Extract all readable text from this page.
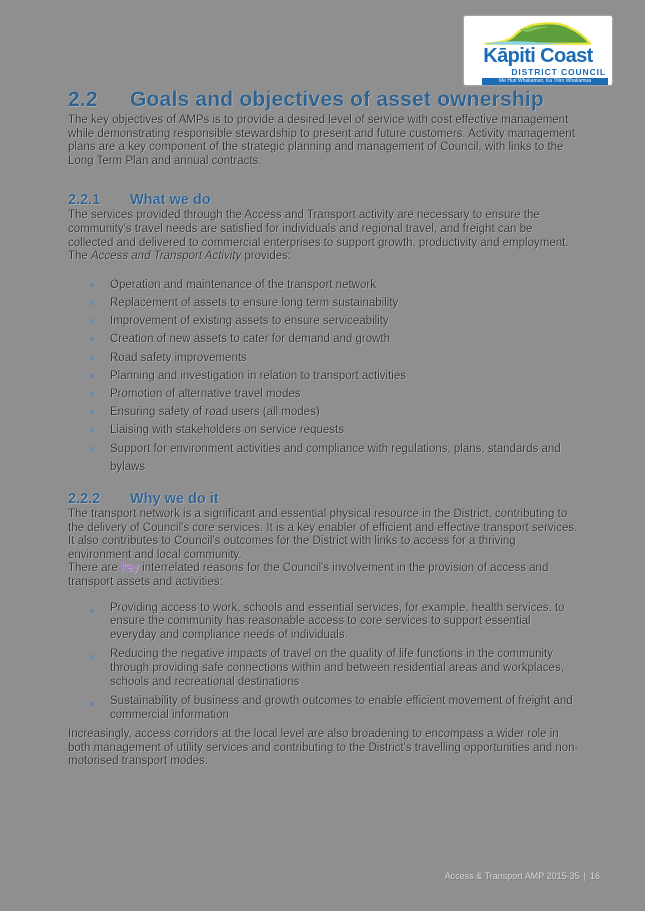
Kāpiti Coast
DISTRICT COUNCIL
Me Huri Whakamuri, Ka Titiro Whakamua
2.2	Goals and objectives of asset ownership

The key objectives of AMPs is to provide a desired level of service with cost effective management while demonstrating responsible stewardship to present and future customers. Activity management plans are a key component of the strategic planning and management of Council, with links to the Long Term Plan and annual contracts.

2.2.1	What we do

The services provided through the Access and Transport activity are necessary to ensure the community's travel needs are satisfied for individuals and regional travel, and freight can be collected and delivered to commercial enterprises to support growth, productivity and employment.

The Access and Transport Activity provides:

Operation and maintenance of the transport network
Replacement of assets to ensure long term sustainability
Improvement of existing assets to ensure serviceability
Creation of new assets to cater for demand and growth
Road safety improvements
Planning and investigation in relation to transport activities
Promotion of alternative travel modes
Ensuring safety of road users (all modes)
Liaising with stakeholders on service requests
Support for environment activities and compliance with regulations, plans, standards and bylaws
2.2.2	Why we do it

The transport network is a significant and essential physical resource in the District, contributing to the delivery of Council's core services. It is a key enabler of efficient and effective transport services. It also contributes to Council's outcomes for the District with links to access for a thriving environment and local community.

There are key interrelated reasons for the Council's involvement in the provision of access and transport assets and activities:

Providing access to work, schools and essential services, for example, health services, to ensure the community has reasonable access to core services to support essential everyday and compliance needs of individuals.
Reducing the negative impacts of travel on the quality of life functions in the community through providing safe connections within and between residential areas and workplaces, schools and recreational destinations
Sustainability of business and growth outcomes to enable efficient movement of freight and commercial information

Increasingly, access corridors at the local level are also broadening to encompass a wider role in both management of utility services and contributing to the District's travelling opportunities and non-motorised transport modes.

Access & Transport AMP 2015-35 | 16
